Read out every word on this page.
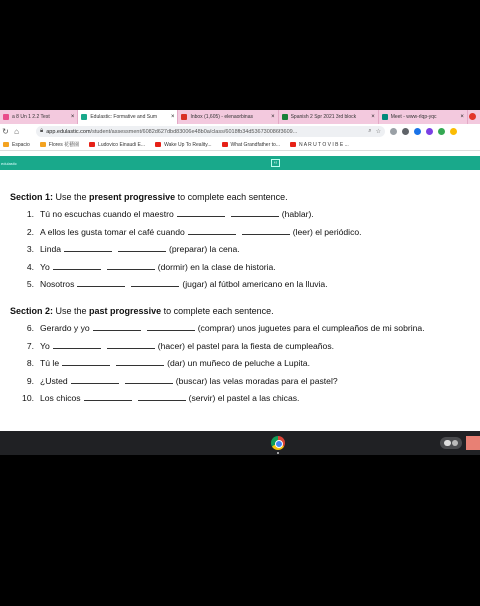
a 8 Un 1 2.2 Test	×	Edulastic: Formative and Sum	×	Inbox (1,605) - elenaorbinas	×	Spanish 2 Spr 2021 3rd block	×	Meet - www-rlqp-yqc	×
↻ ⌂	🔒︎ app.edulastic.com/student/assessment/6082d627dbd83006e48b0a/class/6018fb34d536730086f3609...	⌕ ☆
Espacio	Flores 花藝園	Ludovico Einaudi E...	Wake Up To Reality...	What Grandfather to...	N A R U T O V I B E ...
edulastic	‹‹
Section 1: Use the present progressive to complete each sentence.
1. Tú no escuchas cuando el maestro	(hablar).
2. A ellos les gusta tomar el café cuando	(leer) el periódico.
3. Linda	(preparar) la cena.
4. Yo	(dormir) en la clase de historia.
5. Nosotros	(jugar) al fútbol americano en la lluvia.
Section 2: Use the past progressive to complete each sentence.
6. Gerardo y yo	(comprar) unos juguetes para el cumpleaños de mi sobrina.
7. Yo	(hacer) el pastel para la fiesta de cumpleaños.
8. Tú le	(dar) un muñeco de peluche a Lupita.
9. ¿Usted	(buscar) las velas moradas para el pastel?
10. Los chicos	(servir) el pastel a las chicas.
